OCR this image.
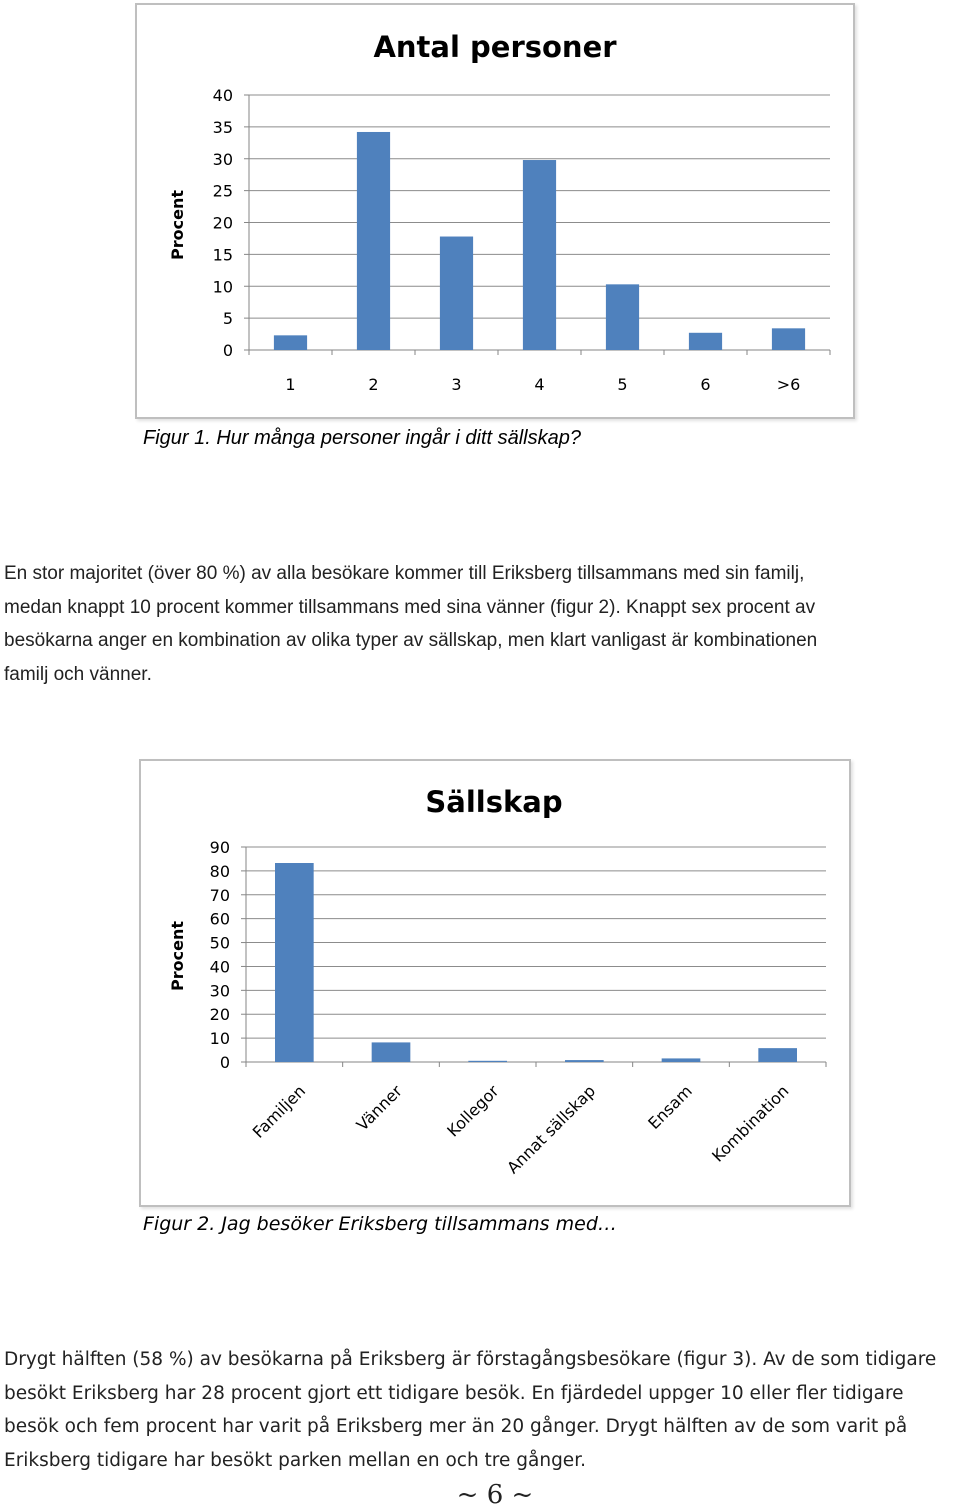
Antal personer
Procent
0
5
10
15
20
25
30
35
40
1	2	3	4	5	6	>6
Figur 1. Hur många personer ingår i ditt sällskap?
En stor majoritet (över 80 %) av alla besökare kommer till Eriksberg tillsammans med sin familj,
medan knappt 10 procent kommer tillsammans med sina vänner (figur 2). Knappt sex procent av
besökarna anger en kombination av olika typer av sällskap, men klart vanligast är kombinationen
familj och vänner.
Sällskap
Procent
0
10
20
30
40
50
60
70
80
90
Familjen	Vänner Kollegor Annat sällskap	Ensam Kombination
Figur 2. Jag besöker Eriksberg tillsammans med…
Drygt hälften (58 %) av besökarna på Eriksberg är förstagångsbesökare (figur 3). Av de som tidigare
besökt Eriksberg har 28 procent gjort ett tidigare besök. En fjärdedel uppger 10 eller fler tidigare
besök och fem procent har varit på Eriksberg mer än 20 gånger. Drygt hälften av de som varit på
Eriksberg tidigare har besökt parken mellan en och tre gånger.
~ 6 ~
